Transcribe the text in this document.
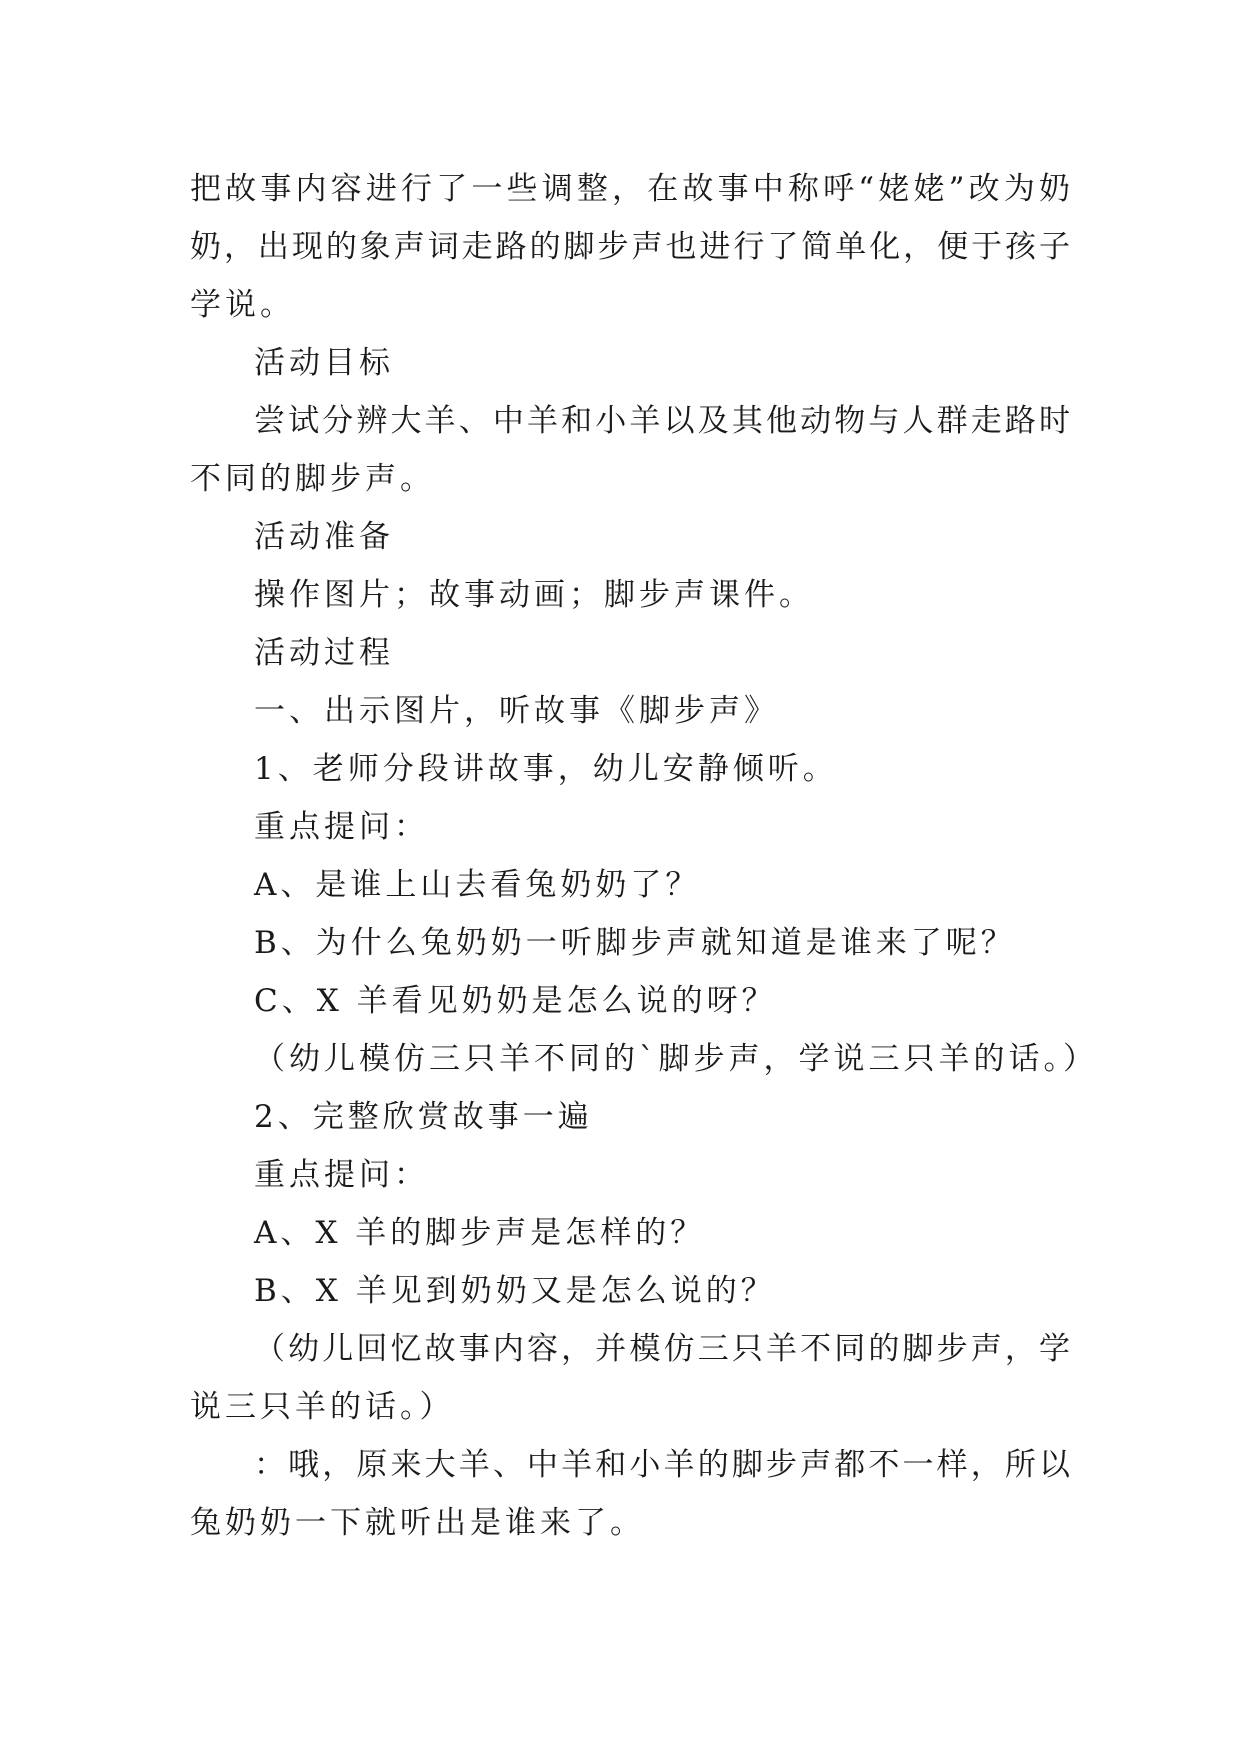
把故事内容进行了一些调整，在故事中称呼“姥姥”改为奶
奶，出现的象声词走路的脚步声也进行了简单化，便于孩子
学说。
活动目标
尝试分辨大羊、中羊和小羊以及其他动物与人群走路时
不同的脚步声。
活动准备
操作图片；故事动画；脚步声课件。
活动过程
一、出示图片，听故事《脚步声》
1、老师分段讲故事，幼儿安静倾听。
重点提问：
A、是谁上山去看兔奶奶了？
B、为什么兔奶奶一听脚步声就知道是谁来了呢？
C、X 羊看见奶奶是怎么说的呀？
（幼儿模仿三只羊不同的`脚步声，学说三只羊的话。）
2、完整欣赏故事一遍
重点提问：
A、X 羊的脚步声是怎样的？
B、X 羊见到奶奶又是怎么说的？
（幼儿回忆故事内容，并模仿三只羊不同的脚步声，学
说三只羊的话。）
：哦，原来大羊、中羊和小羊的脚步声都不一样，所以
兔奶奶一下就听出是谁来了。
